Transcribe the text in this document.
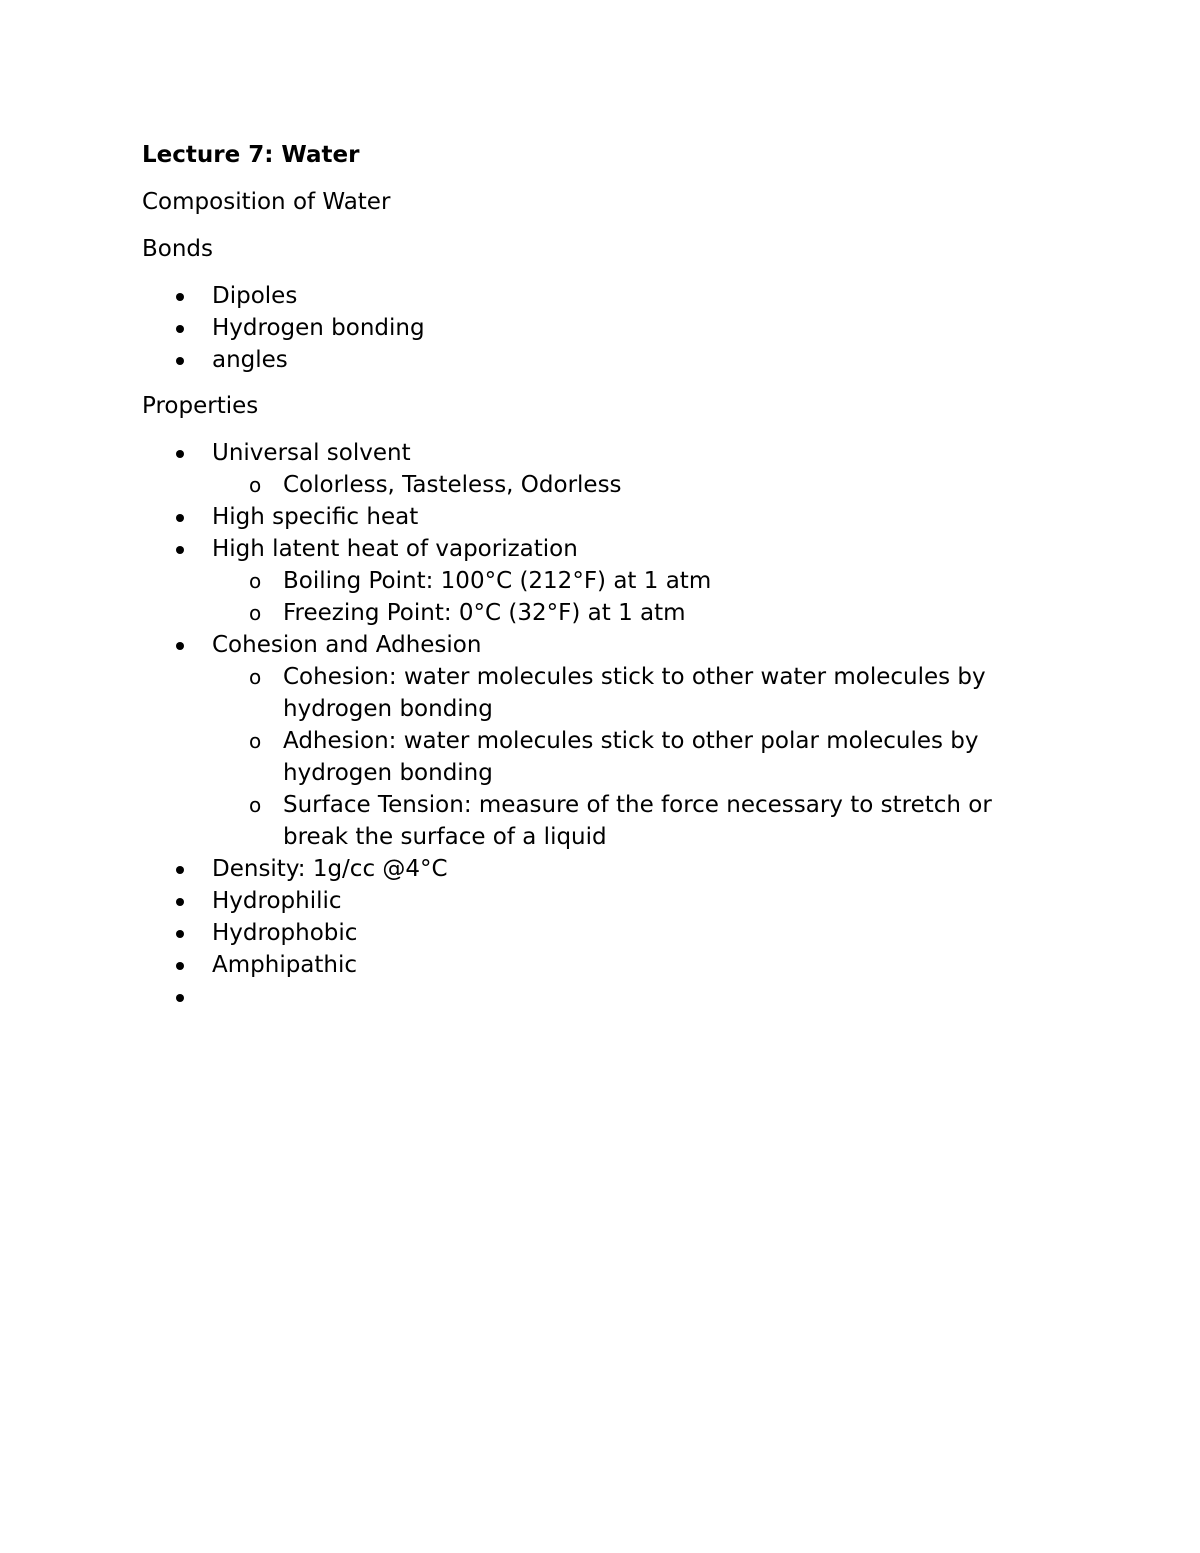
Lecture 7: Water

Composition of Water

Bonds

Dipoles
Hydrogen bonding
angles

Properties

Universal solvent
o Colorless, Tasteless, Odorless
High specific heat
High latent heat of vaporization
o Boiling Point: 100°C (212°F) at 1 atm
o Freezing Point: 0°C (32°F) at 1 atm
Cohesion and Adhesion
o Cohesion: water molecules stick to other water molecules by hydrogen bonding
o Adhesion: water molecules stick to other polar molecules by hydrogen bonding
o Surface Tension: measure of the force necessary to stretch or break the surface of a liquid
Density: 1g/cc @4°C
Hydrophilic
Hydrophobic
Amphipathic
